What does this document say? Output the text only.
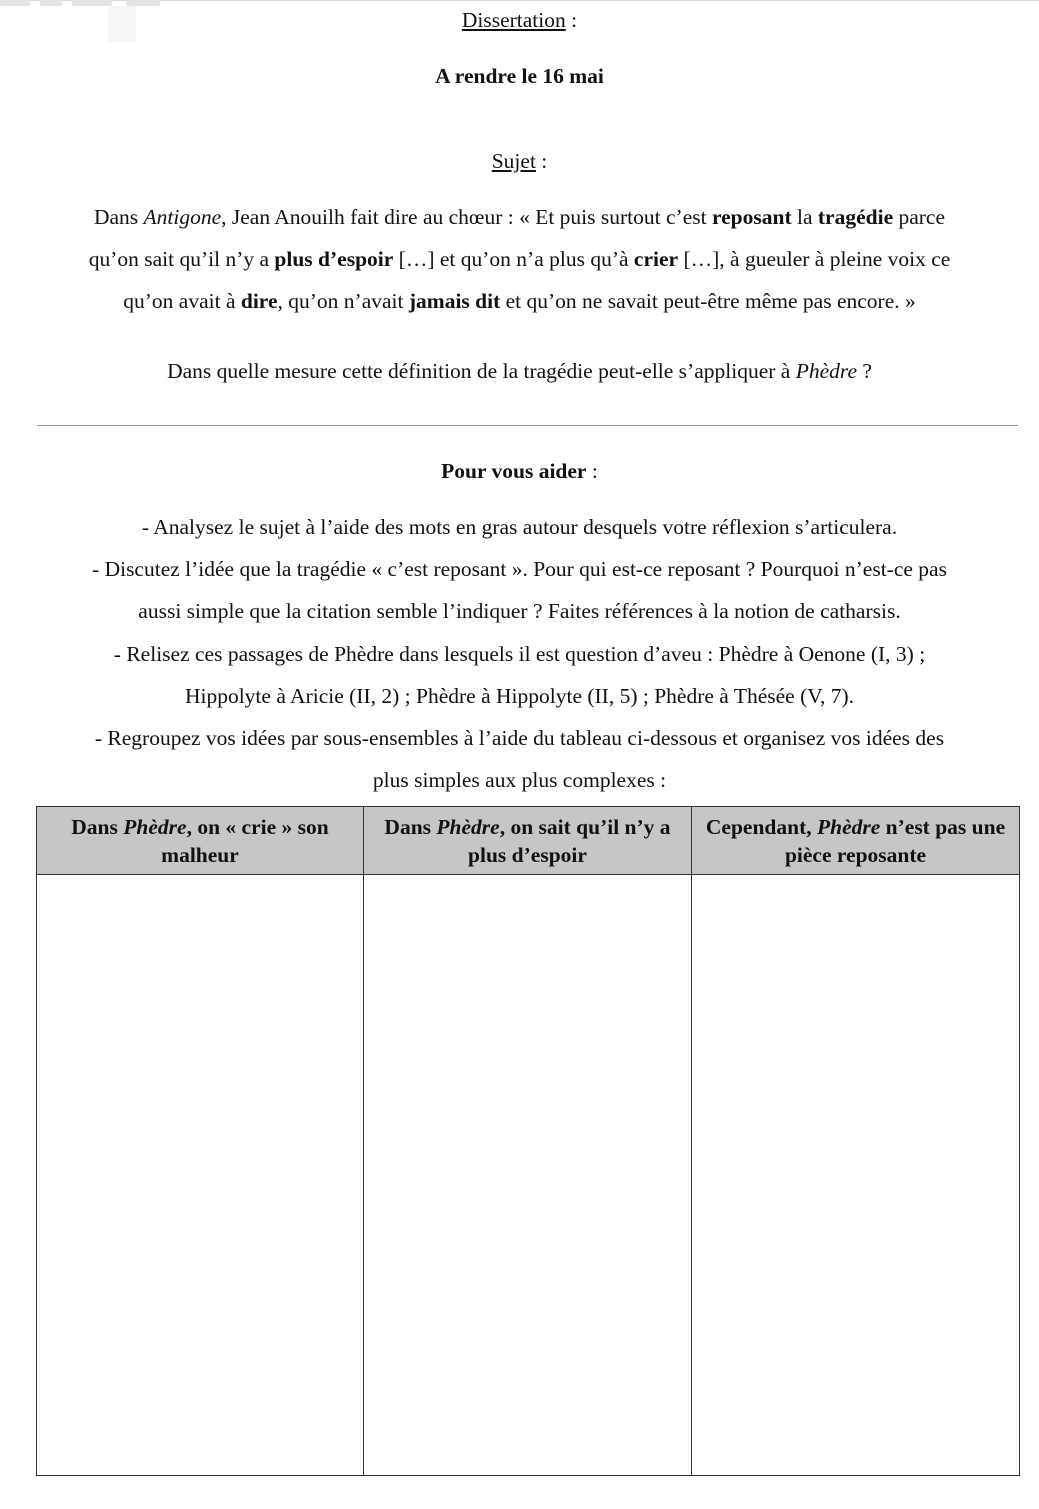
Dissertation :
A rendre le 16 mai
Sujet :
Dans Antigone, Jean Anouilh fait dire au chœur : « Et puis surtout c’est reposant la tragédie parce
qu’on sait qu’il n’y a plus d’espoir […] et qu’on n’a plus qu’à crier […], à gueuler à pleine voix ce
qu’on avait à dire, qu’on n’avait jamais dit et qu’on ne savait peut-être même pas encore. »
Dans quelle mesure cette définition de la tragédie peut-elle s’appliquer à Phèdre ?
Pour vous aider :
- Analysez le sujet à l’aide des mots en gras autour desquels votre réflexion s’articulera.
- Discutez l’idée que la tragédie « c’est reposant ». Pour qui est-ce reposant ? Pourquoi n’est-ce pas
aussi simple que la citation semble l’indiquer ? Faites références à la notion de catharsis.
- Relisez ces passages de Phèdre dans lesquels il est question d’aveu : Phèdre à Oenone (I, 3) ;
Hippolyte à Aricie (II, 2) ; Phèdre à Hippolyte (II, 5) ; Phèdre à Thésée (V, 7).
- Regroupez vos idées par sous-ensembles à l’aide du tableau ci-dessous et organisez vos idées des
plus simples aux plus complexes :
Dans Phèdre, on « crie » son malheur	Dans Phèdre, on sait qu’il n’y a plus d’espoir	Cependant, Phèdre n’est pas une pièce reposante
